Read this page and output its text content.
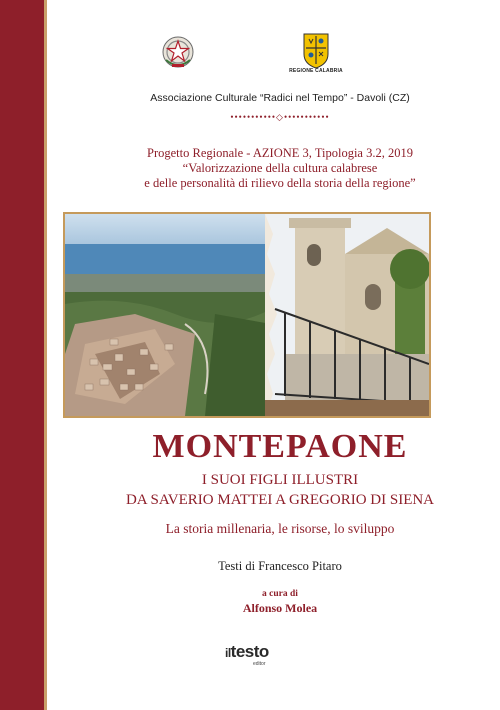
REGIONE CALABRIA
Associazione Culturale “Radici nel Tempo” - Davoli (CZ)
•••••••••••◇•••••••••••
Progetto Regionale - AZIONE 3, Tipologia 3.2, 2019
“Valorizzazione della cultura calabrese
e delle personalità di rilievo della storia della regione”
MONTEPAONE
I SUOI FIGLI ILLUSTRI
DA SAVERIO MATTEI A GREGORIO DI SIENA
La storia millenaria, le risorse, lo sviluppo
Testi di Francesco Pitaro
a cura di
Alfonso Molea
iltesto
editor
